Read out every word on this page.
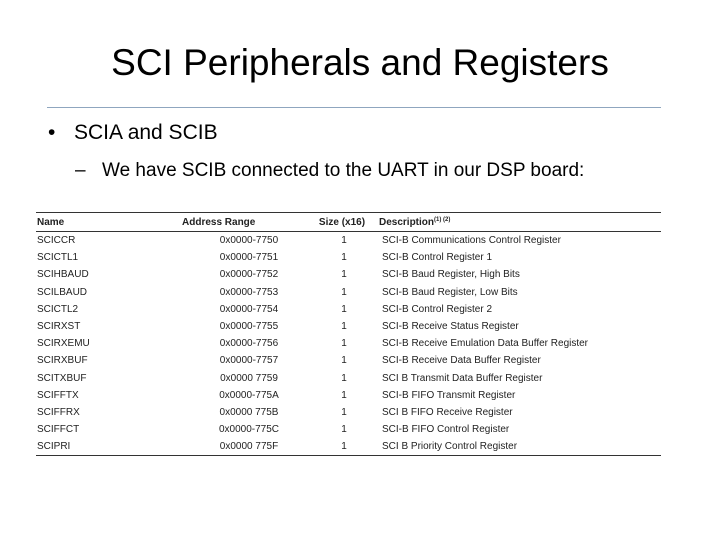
SCI Peripherals and Registers
• SCIA and SCIB
– We have SCIB connected to the UART in our DSP board:
Name	Address Range	Size (x16)	Description$^{(1) (2)}$
SCICCR	0x0000-7750	1	SCI-B Communications Control Register
SCICTL1	0x0000-7751	1	SCI-B Control Register 1
SCIHBAUD	0x0000-7752	1	SCI-B Baud Register, High Bits
SCILBAUD	0x0000-7753	1	SCI-B Baud Register, Low Bits
SCICTL2	0x0000-7754	1	SCI-B Control Register 2
SCIRXST	0x0000-7755	1	SCI-B Receive Status Register
SCIRXEMU	0x0000-7756	1	SCI-B Receive Emulation Data Buffer Register
SCIRXBUF	0x0000-7757	1	SCI-B Receive Data Buffer Register
SCITXBUF	0x0000 7759	1	SCI B Transmit Data Buffer Register
SCIFFTX	0x0000-775A	1	SCI-B FIFO Transmit Register
SCIFFRX	0x0000 775B	1	SCI B FIFO Receive Register
SCIFFCT	0x0000-775C	1	SCI-B FIFO Control Register
SCIPRI	0x0000 775F	1	SCI B Priority Control Register
